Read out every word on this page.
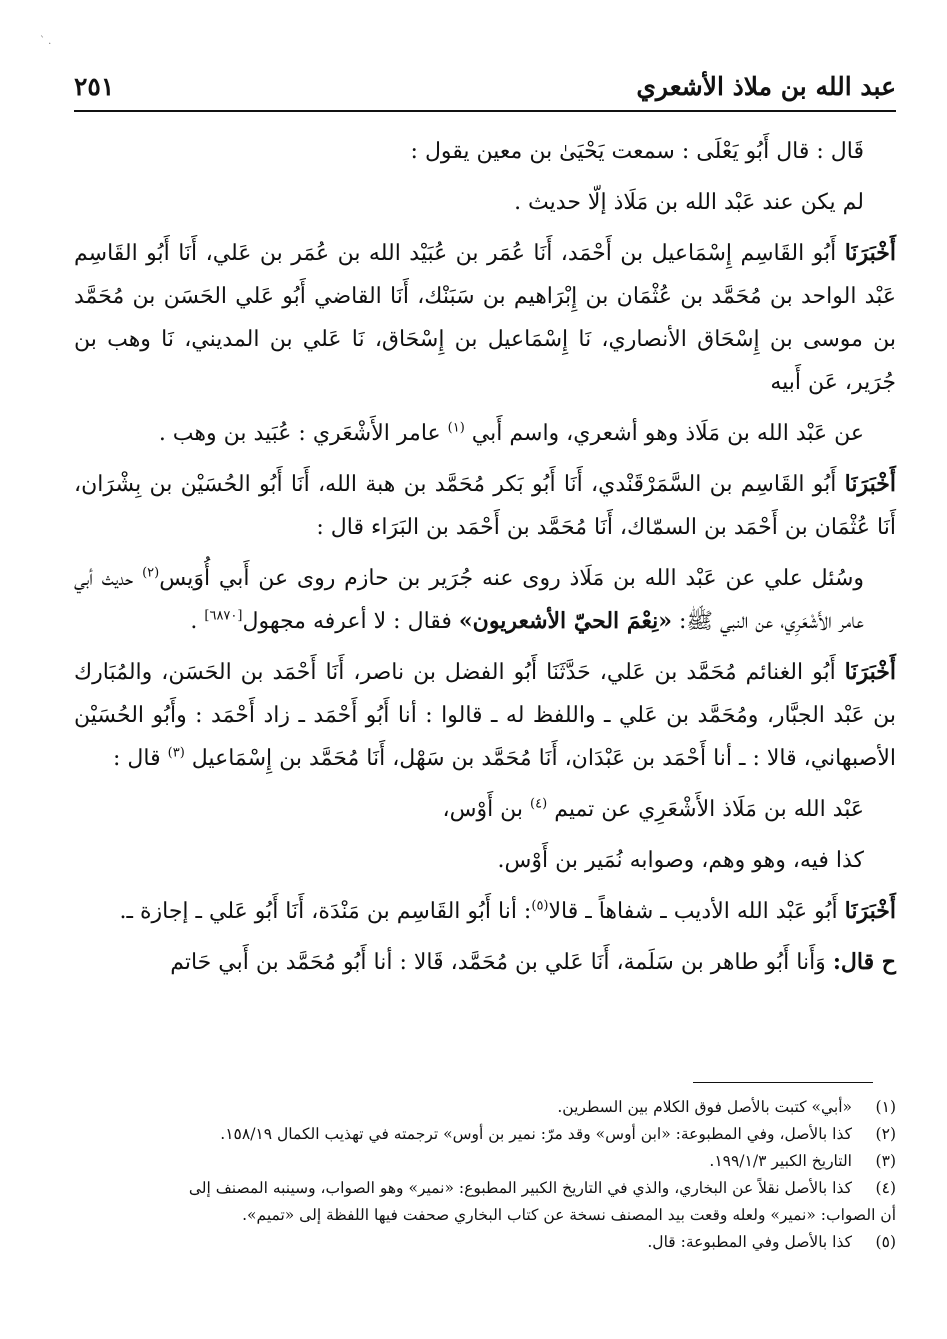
ˋ .
عبد الله بن ملاذ الأشعري
٢٥١

قَال : قال أَبُو يَعْلَى : سمعت يَحْيَىٰ بن معين يقول :

لم يكن عند عَبْد الله بن مَلَاذ إلّا حديث .

أَخْبَرَنَا أَبُو القَاسِم إِسْمَاعيل بن أَحْمَد، أَنَا عُمَر بن عُبَيْد الله بن عُمَر بن عَلي، أَنَا أَبُو القَاسِم عَبْد الواحد بن مُحَمَّد بن عُثْمَان بن إِبْرَاهيم بن سَبَنْك، أَنَا القاضي أَبُو عَلي الحَسَن بن مُحَمَّد بن موسى بن إِسْحَاق الأنصاري، نَا إِسْمَاعيل بن إِسْحَاق، نَا عَلي بن المديني، نَا وهب بن جُرَير، عَن أَبيه

عن عَبْد الله بن مَلَاذ وهو أشعري، واسم أَبي $^{(١)}$ عامر الأَشْعَري : عُبَيد بن وهب .

أَخْبَرَنَا أَبُو القَاسِم بن السَّمَرْقَنْدي، أَنَا أَبُو بَكر مُحَمَّد بن هبة الله، أَنَا أَبُو الحُسَيْن بن بِشْرَان، أَنَا عُثْمَان بن أَحْمَد بن السمّاك، أَنَا مُحَمَّد بن أَحْمَد بن البَرَاء قال :

وسُئل علي عن عَبْد الله بن مَلَاذ روى عنه جُرَير بن حازم روى عن أَبي أُوَيس$^{(٢)}$ حديث أبي عامر الأَشْعَرِي، عن النبي ﷺ: «نِعْمَ الحيّ الأشعريون» فقال : لا أعرفه مجهول[٦٨٧٠] .

أَخْبَرَنَا أَبُو الغنائم مُحَمَّد بن عَلي، حَدَّثَنَا أَبُو الفضل بن ناصر، أَنَا أَحْمَد بن الحَسَن، والمُبَارك بن عَبْد الجبَّار، ومُحَمَّد بن عَلي ـ واللفظ له ـ قالوا : أنا أَبُو أَحْمَد ـ زاد أَحْمَد : وأَبُو الحُسَيْن الأصبهاني، قالا : ـ أنا أَحْمَد بن عَبْدَان، أَنَا مُحَمَّد بن سَهْل، أَنَا مُحَمَّد بن إِسْمَاعيل $^{(٣)}$ قال :

عَبْد الله بن مَلَاذ الأَشْعَرِي عن تميم $^{(٤)}$ بن أَوْس،

كذا فيه، وهو وهم، وصوابه نُمَير بن أَوْس.

أَخْبَرَنَا أَبُو عَبْد الله الأديب ـ شفاهاً ـ قالا$^{(٥)}$: أنا أَبُو القَاسِم بن مَنْدَة، أَنَا أَبُو عَلي ـ إجازة ـ.

ح قال: وَأَنا أَبُو طاهر بن سَلَمة، أَنَا عَلي بن مُحَمَّد، قَالا : أنا أَبُو مُحَمَّد بن أَبي حَاتم

(١)
«أبي» كتبت بالأصل فوق الكلام بين السطرين.
(٢)
كذا بالأصل، وفي المطبوعة: «ابن أوس» وقد مرّ: نمير بن أوس» ترجمته في تهذيب الكمال ١٥٨/١٩.
(٣)
التاريخ الكبير ١٩٩/١/٣.
(٤)
كذا بالأصل نقلاً عن البخاري، والذي في التاريخ الكبير المطبوع: «نمير» وهو الصواب، وسينبه المصنف إلى
أن الصواب: «نمير» ولعله وقعت بيد المصنف نسخة عن كتاب البخاري صحفت فيها اللفظة إلى «تميم».
(٥)
كذا بالأصل وفي المطبوعة: قال.
